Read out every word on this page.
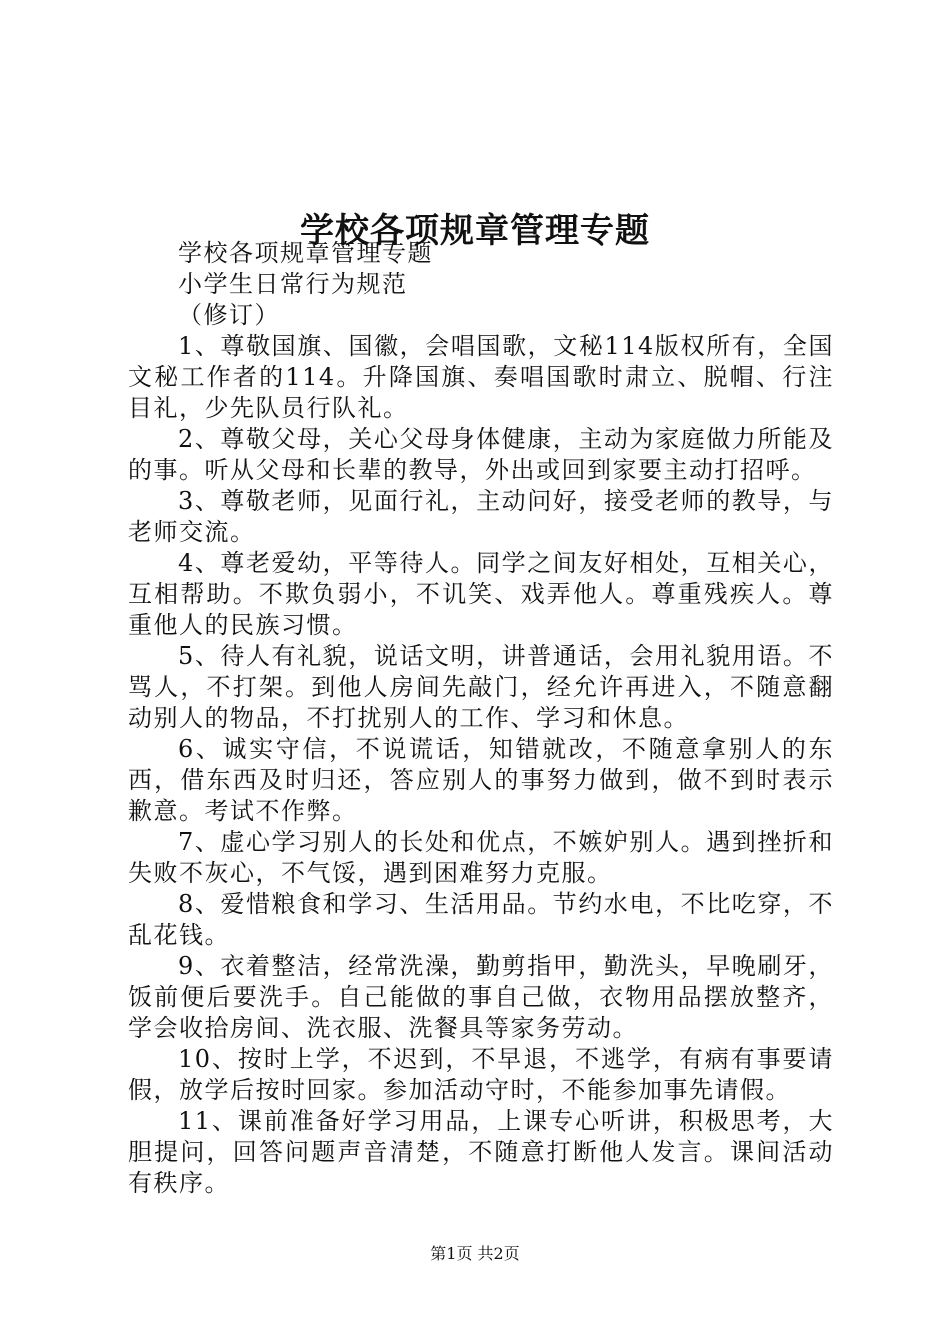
学校各项规章管理专题

学校各项规章管理专题

小学生日常行为规范

（修订）

1、尊敬国旗、国徽，会唱国歌，文秘114版权所有，全国文秘工作者的114。升降国旗、奏唱国歌时肃立、脱帽、行注目礼，少先队员行队礼。

2、尊敬父母，关心父母身体健康，主动为家庭做力所能及的事。听从父母和长辈的教导，外出或回到家要主动打招呼。

3、尊敬老师，见面行礼，主动问好，接受老师的教导，与老师交流。

4、尊老爱幼，平等待人。同学之间友好相处，互相关心，互相帮助。不欺负弱小，不讥笑、戏弄他人。尊重残疾人。尊重他人的民族习惯。

5、待人有礼貌，说话文明，讲普通话，会用礼貌用语。不骂人，不打架。到他人房间先敲门，经允许再进入，不随意翻动别人的物品，不打扰别人的工作、学习和休息。

6、诚实守信，不说谎话，知错就改，不随意拿别人的东西，借东西及时归还，答应别人的事努力做到，做不到时表示歉意。考试不作弊。

7、虚心学习别人的长处和优点，不嫉妒别人。遇到挫折和失败不灰心，不气馁，遇到困难努力克服。

8、爱惜粮食和学习、生活用品。节约水电，不比吃穿，不乱花钱。

9、衣着整洁，经常洗澡，勤剪指甲，勤洗头，早晚刷牙，饭前便后要洗手。自己能做的事自己做，衣物用品摆放整齐，学会收拾房间、洗衣服、洗餐具等家务劳动。

10、按时上学，不迟到，不早退，不逃学，有病有事要请假，放学后按时回家。参加活动守时，不能参加事先请假。

11、课前准备好学习用品，上课专心听讲，积极思考，大胆提问，回答问题声音清楚，不随意打断他人发言。课间活动有秩序。

第1页 共2页
